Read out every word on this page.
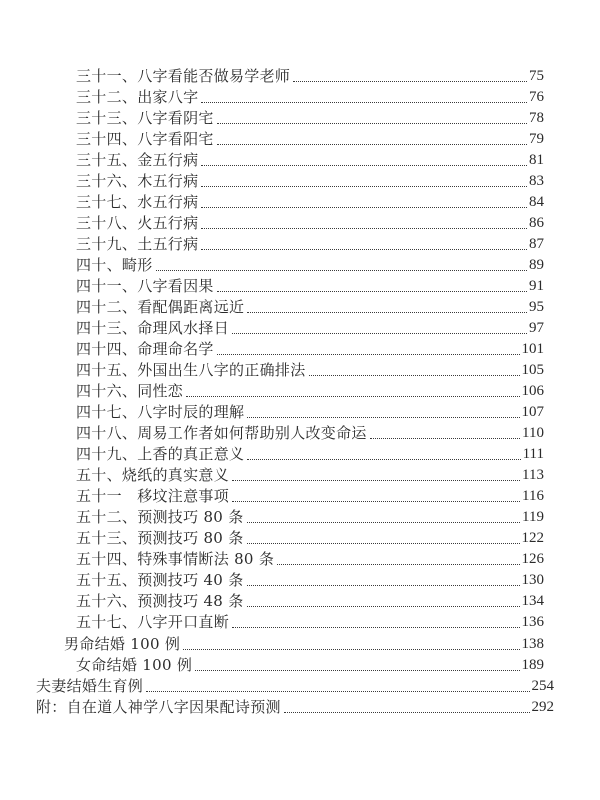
三十一、八字看能否做易学老师	75
三十二、出家八字	76
三十三、八字看阴宅	78
三十四、八字看阳宅	79
三十五、金五行病	81
三十六、木五行病	83
三十七、水五行病	84
三十八、火五行病	86
三十九、土五行病	87
四十、畸形	89
四十一、八字看因果	91
四十二、看配偶距离远近	95
四十三、命理风水择日	97
四十四、命理命名学	101
四十五、外国出生八字的正确排法	105
四十六、同性恋	106
四十七、八字时辰的理解	107
四十八、周易工作者如何帮助别人改变命运	110
四十九、上香的真正意义	111
五十、烧纸的真实意义	113
五十一　移坟注意事项	116
五十二、预测技巧 80 条	119
五十三、预测技巧 80 条	122
五十四、特殊事情断法 80 条	126
五十五、预测技巧 40 条	130
五十六、预测技巧 48 条	134
五十七、八字开口直断	136
男命结婚 100 例	138
女命结婚 100 例	189
夫妻结婚生育例	254
附：自在道人神学八字因果配诗预测	292
